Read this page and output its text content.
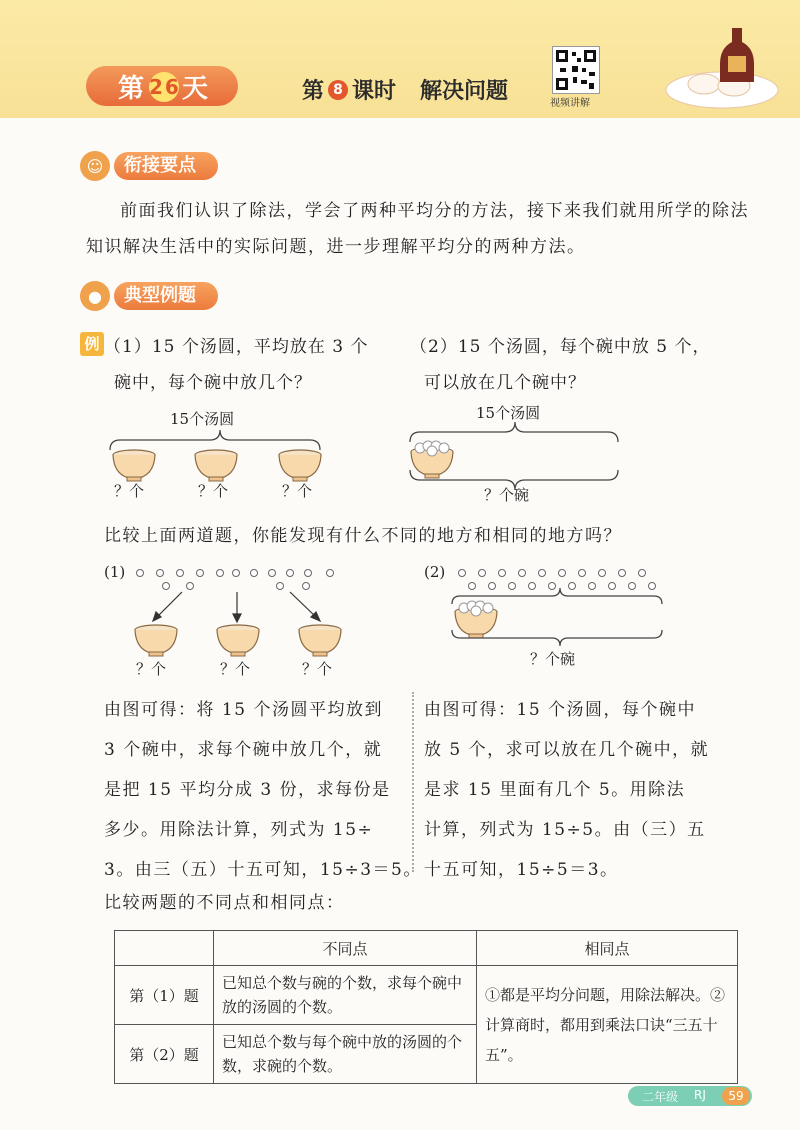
第 26 天	第 8 课时 解决问题	视频讲解
☺	衔接要点
前面我们认识了除法，学会了两种平均分的方法，接下来我们就用所学的除法知识解决生活中的实际问题，进一步理解平均分的两种方法。
●	典型例题
例 （1）15 个汤圆，平均放在 3 个
碗中，每个碗中放几个？
（2）15 个汤圆，每个碗中放 5 个，
可以放在几个碗中？
15个汤圆
？个	？个	？个
15个汤圆
？个碗
比较上面两道题，你能发现有什么不同的地方和相同的地方吗？
(1)
？个	？个	？个
(2)
？个碗
由图可得：将 15 个汤圆平均放到
3 个碗中，求每个碗中放几个，就
是把 15 平均分成 3 份，求每份是
多少。用除法计算，列式为 15÷
3。由三（五）十五可知，15÷3＝5。
由图可得：15 个汤圆，每个碗中
放 5 个，求可以放在几个碗中，就
是求 15 里面有几个 5。用除法
计算，列式为 15÷5。由（三）五
十五可知，15÷5＝3。
比较两题的不同点和相同点：
	不同点	相同点
第（1）题	已知总个数与碗的个数，求每个碗中放的汤圆的个数。	①都是平均分问题，用除法解决。②计算商时，都用到乘法口诀“三五十五”。
第（2）题	已知总个数与每个碗中放的汤圆的个数，求碗的个数。	
二年级 RJ	59
